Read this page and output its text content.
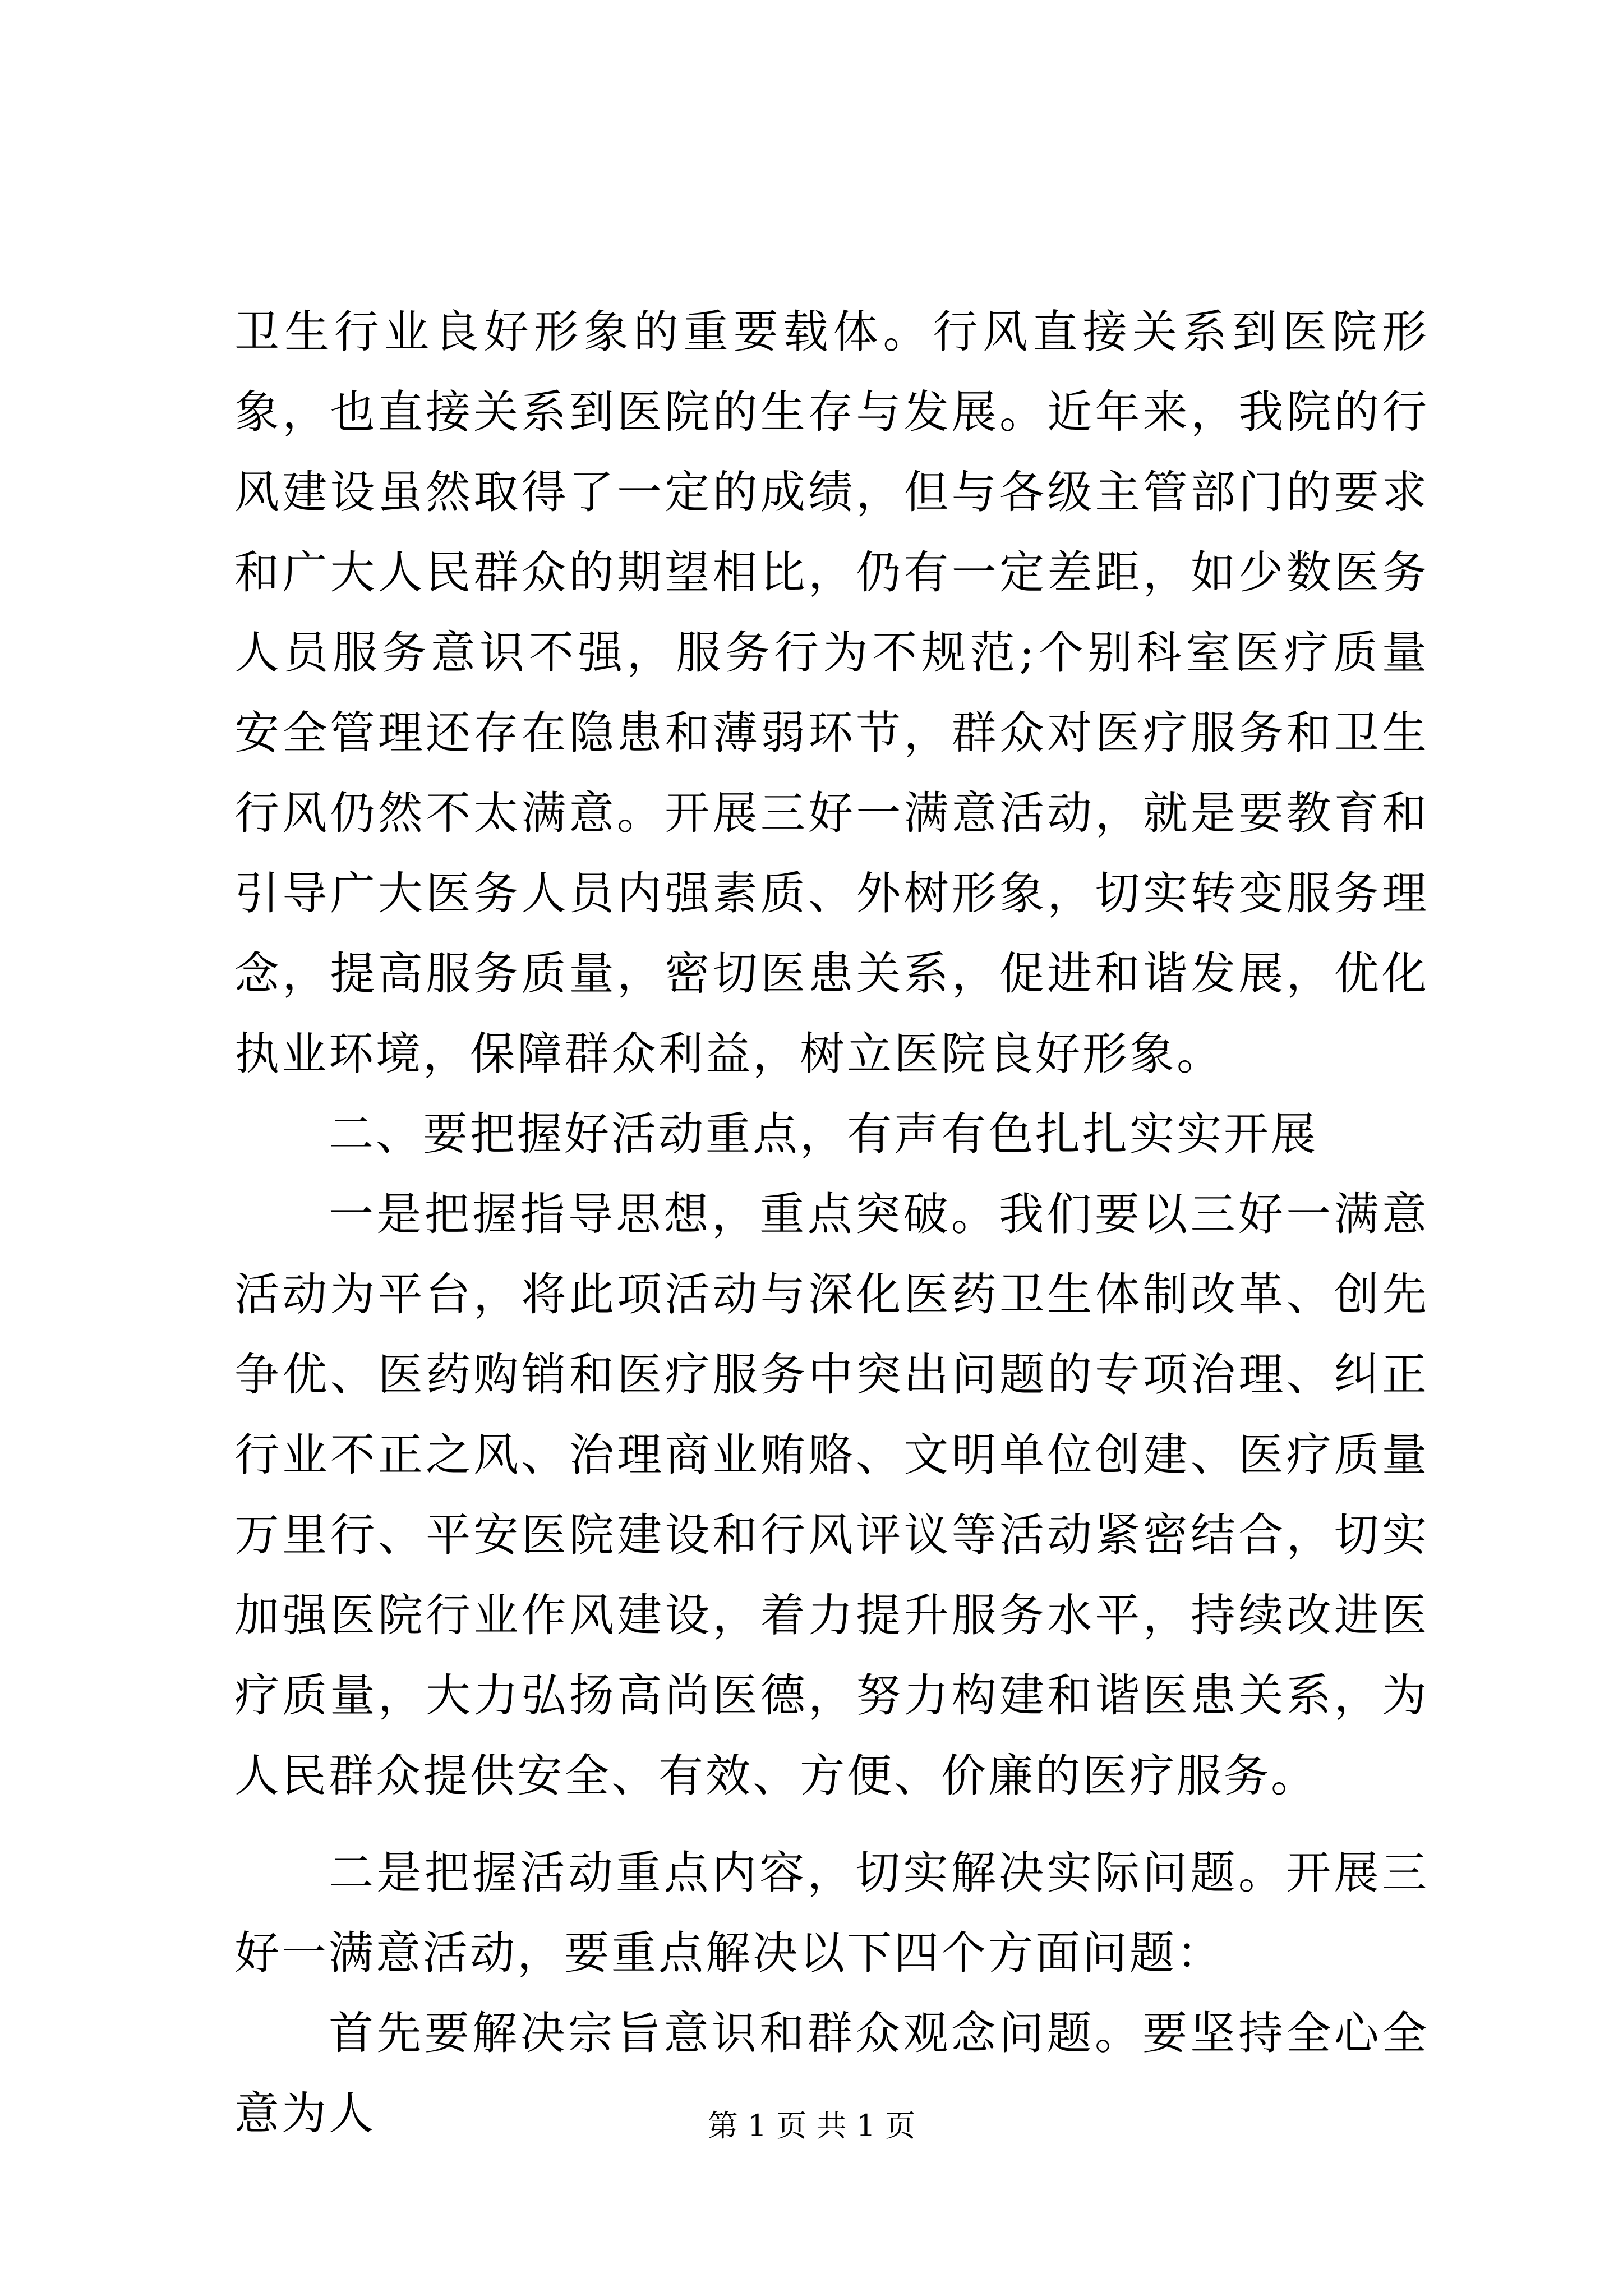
卫生行业良好形象的重要载体。行风直接关系到医院形象，也直接关系到医院的生存与发展。近年来，我院的行风建设虽然取得了一定的成绩，但与各级主管部门的要求和广大人民群众的期望相比，仍有一定差距，如少数医务人员服务意识不强，服务行为不规范;个别科室医疗质量安全管理还存在隐患和薄弱环节，群众对医疗服务和卫生行风仍然不太满意。开展三好一满意活动，就是要教育和引导广大医务人员内强素质、外树形象，切实转变服务理念，提高服务质量，密切医患关系，促进和谐发展，优化执业环境，保障群众利益，树立医院良好形象。

二、要把握好活动重点，有声有色扎扎实实开展

一是把握指导思想，重点突破。我们要以三好一满意活动为平台，将此项活动与深化医药卫生体制改革、创先争优、医药购销和医疗服务中突出问题的专项治理、纠正行业不正之风、治理商业贿赂、文明单位创建、医疗质量万里行、平安医院建设和行风评议等活动紧密结合，切实加强医院行业作风建设，着力提升服务水平，持续改进医疗质量，大力弘扬高尚医德，努力构建和谐医患关系，为人民群众提供安全、有效、方便、价廉的医疗服务。

二是把握活动重点内容，切实解决实际问题。开展三好一满意活动，要重点解决以下四个方面问题：

首先要解决宗旨意识和群众观念问题。要坚持全心全意为人	第 1 页 共 1 页
